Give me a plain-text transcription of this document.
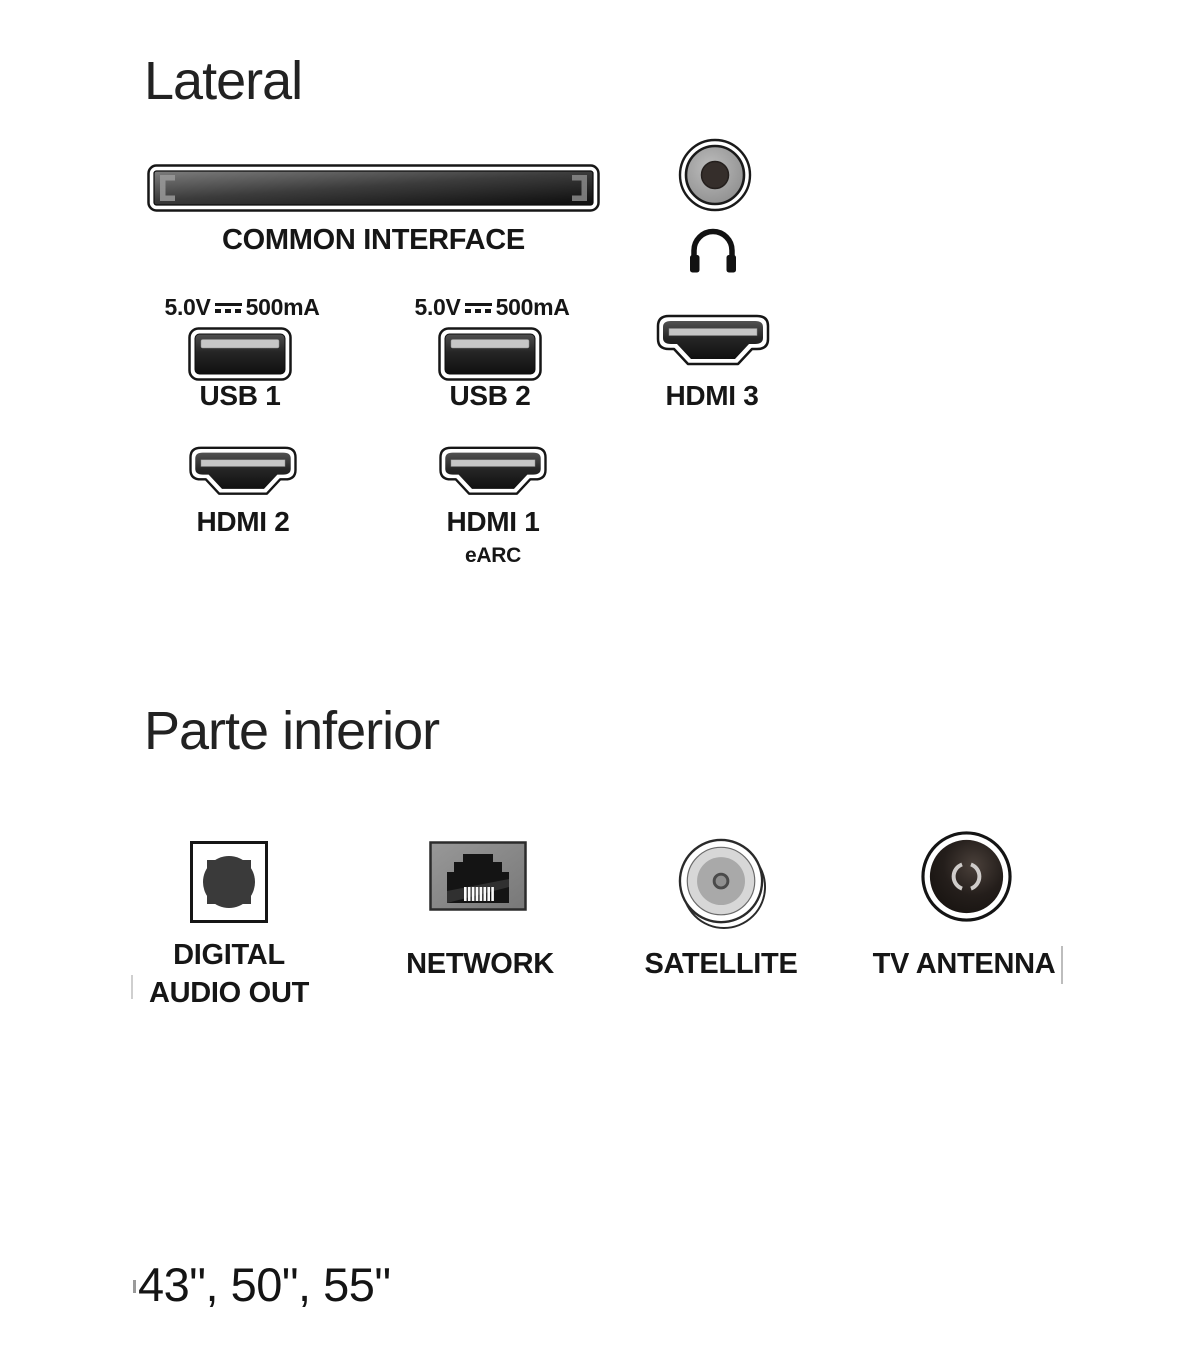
Lateral
COMMON INTERFACE
5.0V 500mA	5.0V 500mA
USB 1	USB 2	HDMI 3
HDMI 2	HDMI 1
eARC
Parte inferior
DIGITAL
AUDIO OUT
NETWORK	SATELLITE	TV ANTENNA
43", 50", 55"
